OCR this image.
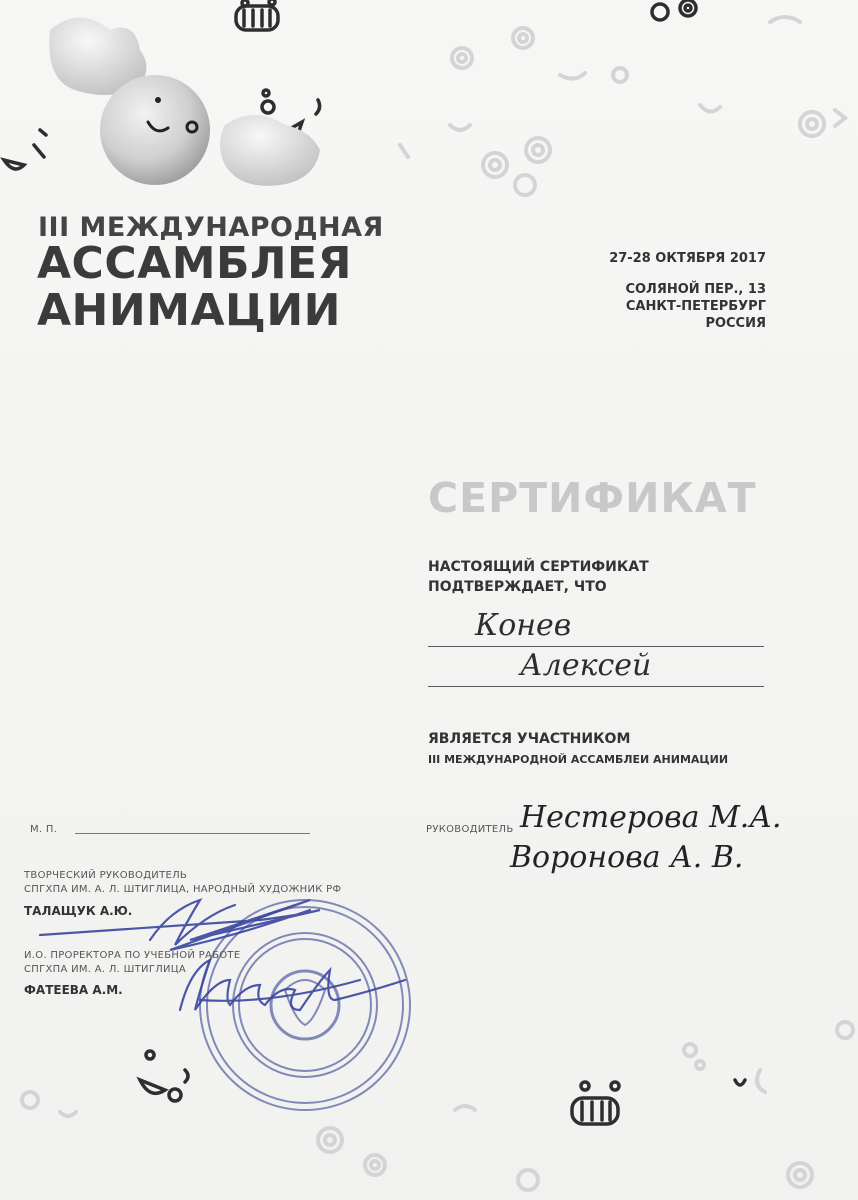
III МЕЖДУНАРОДНАЯ
АССАМБЛЕЯ
АНИМАЦИИ
27-28 ОКТЯБРЯ 2017
СОЛЯНОЙ ПЕР., 13
САНКТ-ПЕТЕРБУРГ
РОССИЯ
СЕРТИФИКАТ
НАСТОЯЩИЙ СЕРТИФИКАТ
ПОДТВЕРЖДАЕТ, ЧТО
Конев
Алексей
ЯВЛЯЕТСЯ УЧАСТНИКОМ
III МЕЖДУНАРОДНОЙ АССАМБЛЕИ АНИМАЦИИ
М. П.	РУКОВОДИТЕЛЬ Нестерова М.А.
Воронова А. В.
ТВОРЧЕСКИЙ РУКОВОДИТЕЛЬ
СПГХПА ИМ. А. Л. ШТИГЛИЦА, НАРОДНЫЙ ХУДОЖНИК РФ
ТАЛАЩУК А.Ю.
И.О. ПРОРЕКТОРА ПО УЧЕБНОЙ РАБОТЕ
СПГХПА ИМ. А. Л. ШТИГЛИЦА
ФАТЕЕВА А.М.
